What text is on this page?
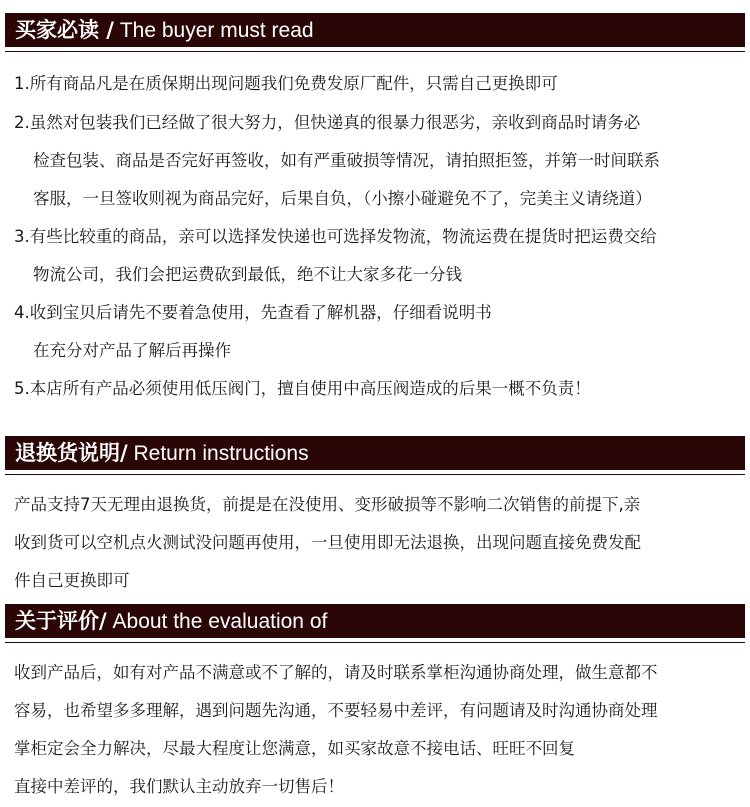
买家必读 / The buyer must read
1.所有商品凡是在质保期出现问题我们免费发原厂配件，只需自己更换即可
2.虽然对包装我们已经做了很大努力，但快递真的很暴力很恶劣，亲收到商品时请务必
检查包装、商品是否完好再签收，如有严重破损等情况，请拍照拒签，并第一时间联系
客服，一旦签收则视为商品完好，后果自负，（小擦小碰避免不了，完美主义请绕道）
3.有些比较重的商品，亲可以选择发快递也可选择发物流，物流运费在提货时把运费交给
物流公司，我们会把运费砍到最低，绝不让大家多花一分钱
4.收到宝贝后请先不要着急使用，先查看了解机器，仔细看说明书
在充分对产品了解后再操作
5.本店所有产品必须使用低压阀门，擅自使用中高压阀造成的后果一概不负责！
退换货说明/ Return instructions
产品支持7天无理由退换货，前提是在没使用、变形破损等不影响二次销售的前提下,亲
收到货可以空机点火测试没问题再使用，一旦使用即无法退换，出现问题直接免费发配
件自己更换即可
关于评价/ About the evaluation of
收到产品后，如有对产品不满意或不了解的，请及时联系掌柜沟通协商处理，做生意都不
容易，也希望多多理解，遇到问题先沟通，不要轻易中差评，有问题请及时沟通协商处理
掌柜定会全力解决，尽最大程度让您满意，如买家故意不接电话、旺旺不回复
直接中差评的，我们默认主动放弃一切售后！
